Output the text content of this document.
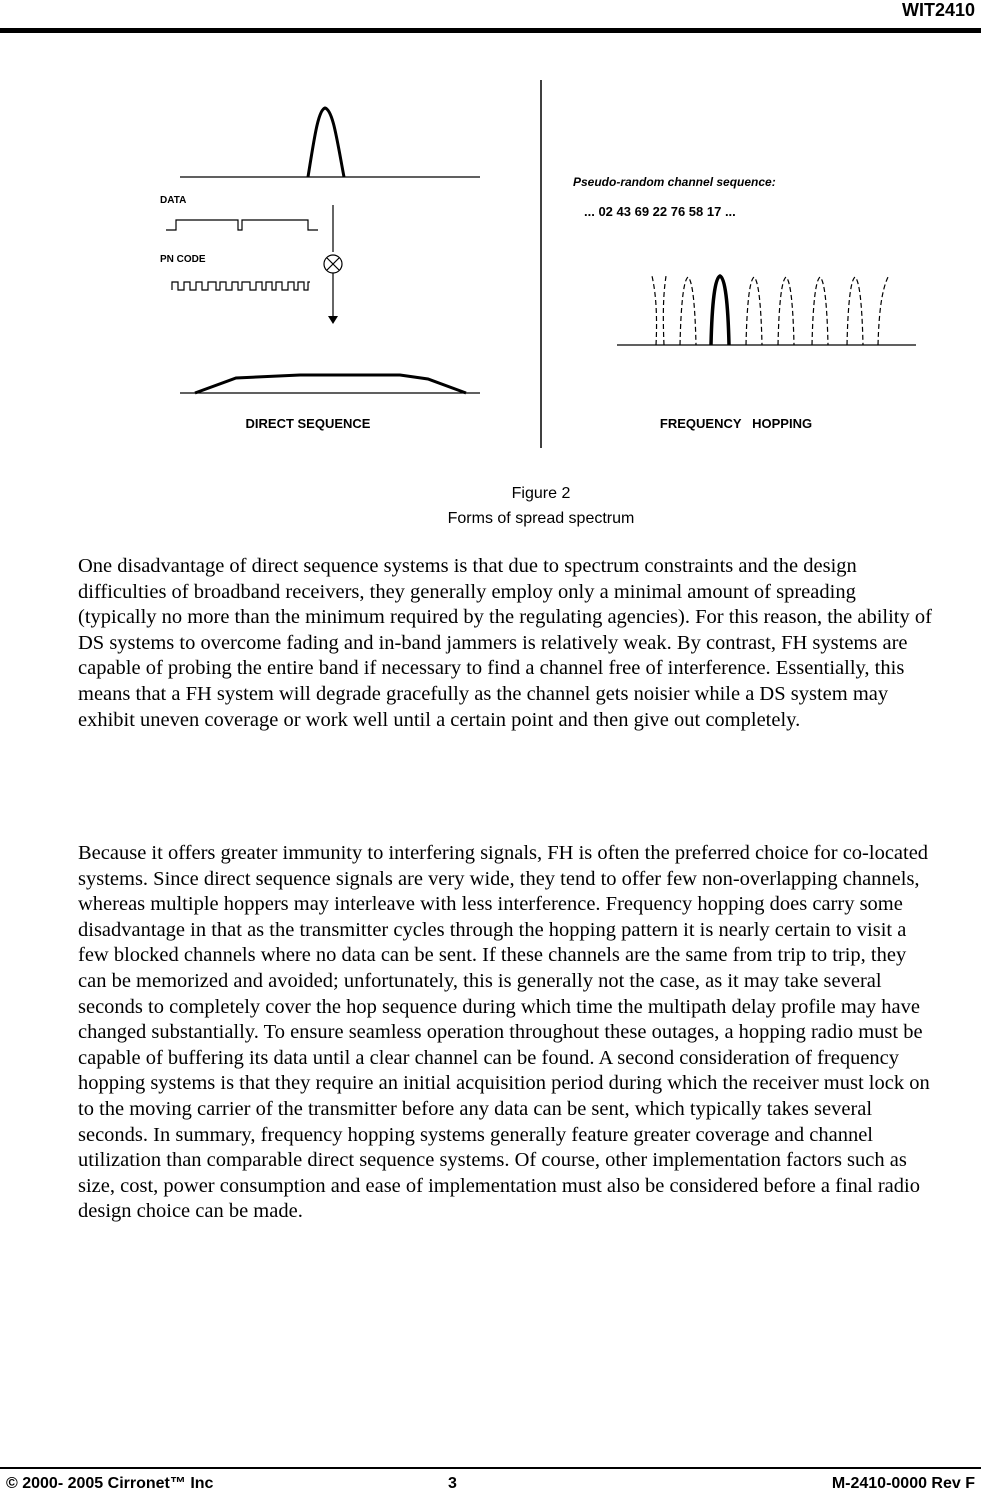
WIT2410
DATA
PN CODE
DIRECT SEQUENCE
Pseudo-random channel sequence:
... 02 43 69 22 76 58 17 ...
FREQUENCY   HOPPING
Figure 2
Forms of spread spectrum
One disadvantage of direct sequence systems is that due to spectrum constraints and the design difficulties of broadband receivers, they generally employ only a minimal amount of spreading (typically no more than the minimum required by the regulating agencies). For this reason, the ability of DS systems to overcome fading and in-band jammers is relatively weak. By contrast, FH systems are capable of probing the entire band if necessary to find a channel free of interference. Essentially, this means that a FH system will degrade gracefully as the channel gets noisier while a DS system may exhibit uneven coverage or work well until a certain point and then give out completely.
Because it offers greater immunity to interfering signals, FH is often the preferred choice for co-located systems. Since direct sequence signals are very wide, they tend to offer few non-overlapping channels, whereas multiple hoppers may interleave with less interference. Frequency hopping does carry some disadvantage in that as the transmitter cycles through the hopping pattern it is nearly certain to visit a few blocked channels where no data can be sent. If these channels are the same from trip to trip, they can be memorized and avoided; unfortunately, this is generally not the case, as it may take several seconds to completely cover the hop sequence during which time the multipath delay profile may have changed substantially. To ensure seamless operation throughout these outages, a hopping radio must be capable of buffering its data until a clear channel can be found. A second consideration of frequency hopping systems is that they require an initial acquisition period during which the receiver must lock on to the moving carrier of the transmitter before any data can be sent, which typically takes several seconds. In summary, frequency hopping systems generally feature greater coverage and channel utilization than comparable direct sequence systems. Of course, other implementation factors such as size, cost, power consumption and ease of implementation must also be considered before a final radio design choice can be made.
© 2000- 2005 Cirronet™ Inc	3	M-2410-0000 Rev F
